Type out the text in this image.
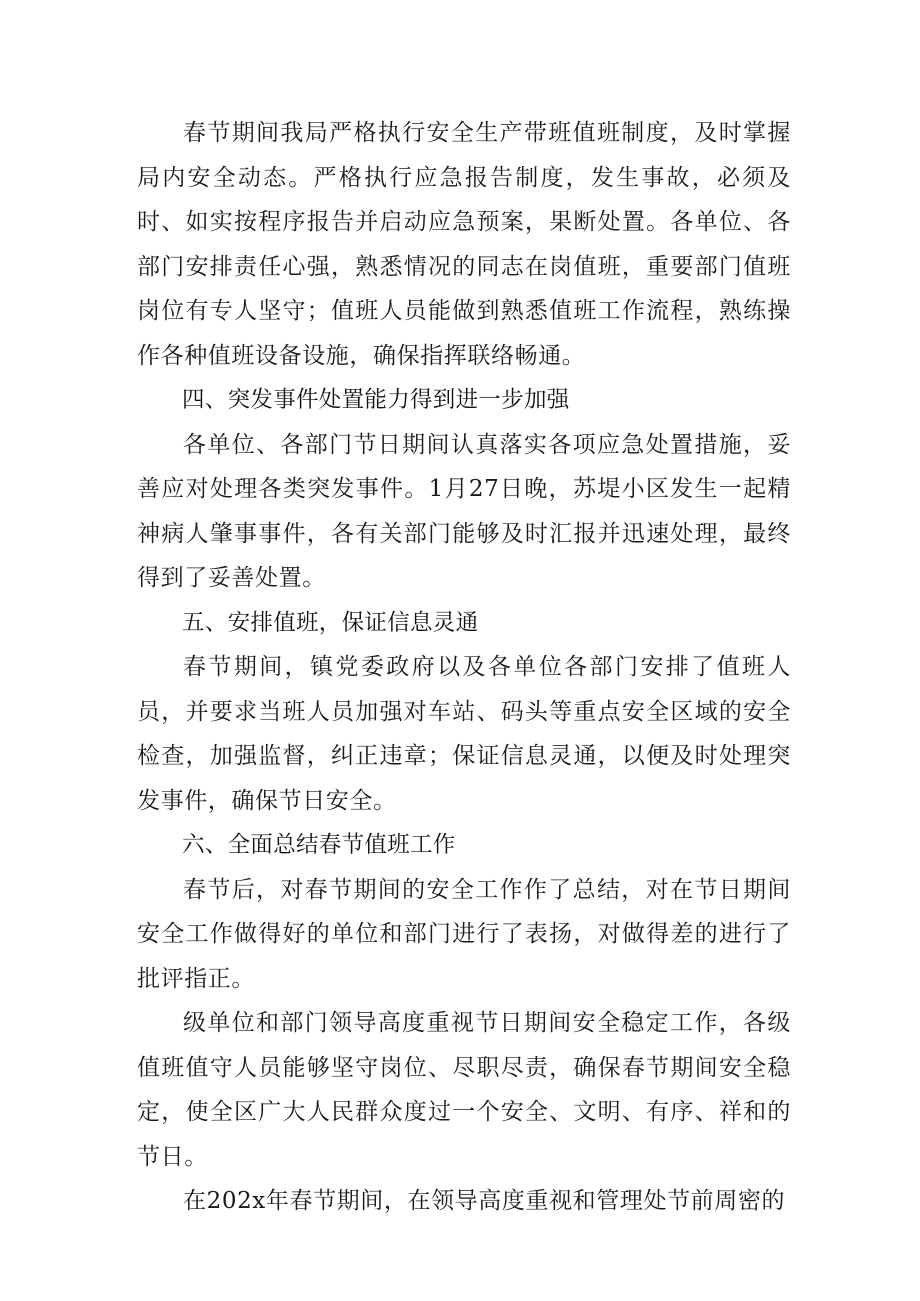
春节期间我局严格执行安全生产带班值班制度，及时掌握局内安全动态。严格执行应急报告制度，发生事故，必须及时、如实按程序报告并启动应急预案，果断处置。各单位、各部门安排责任心强，熟悉情况的同志在岗值班，重要部门值班岗位有专人坚守；值班人员能做到熟悉值班工作流程，熟练操作各种值班设备设施，确保指挥联络畅通。

四、突发事件处置能力得到进一步加强

各单位、各部门节日期间认真落实各项应急处置措施，妥善应对处理各类突发事件。1月27日晚，苏堤小区发生一起精神病人肇事事件，各有关部门能够及时汇报并迅速处理，最终得到了妥善处置。

五、安排值班，保证信息灵通

春节期间，镇党委政府以及各单位各部门安排了值班人员，并要求当班人员加强对车站、码头等重点安全区域的安全检查，加强监督，纠正违章；保证信息灵通，以便及时处理突发事件，确保节日安全。

六、全面总结春节值班工作

春节后，对春节期间的安全工作作了总结，对在节日期间安全工作做得好的单位和部门进行了表扬，对做得差的进行了批评指正。

级单位和部门领导高度重视节日期间安全稳定工作，各级值班值守人员能够坚守岗位、尽职尽责，确保春节期间安全稳定，使全区广大人民群众度过一个安全、文明、有序、祥和的节日。

在202x年春节期间，在领导高度重视和管理处节前周密的
